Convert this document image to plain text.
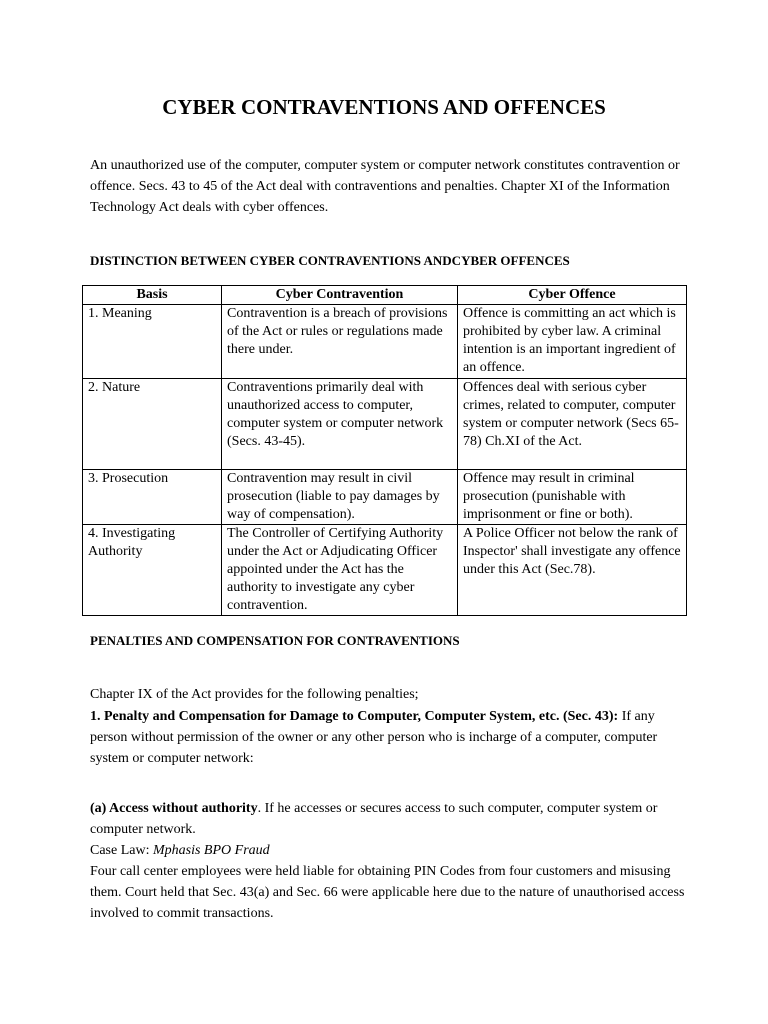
CYBER CONTRAVENTIONS AND OFFENCES

An unauthorized use of the computer, computer system or computer network constitutes contravention or offence. Secs. 43 to 45 of the Act deal with contraventions and penalties. Chapter XI of the Information Technology Act deals with cyber offences.

DISTINCTION BETWEEN CYBER CONTRAVENTIONS ANDCYBER OFFENCES

Basis	Cyber Contravention	Cyber Offence
1. Meaning	Contravention is a breach of provisions of the Act or rules or regulations made there under.	Offence is committing an act which is prohibited by cyber law. A criminal intention is an important ingredient of an offence.
2. Nature	Contraventions primarily deal with unauthorized access to computer, computer system or computer network (Secs. 43-45).	Offences deal with serious cyber crimes, related to computer, computer system or computer network (Secs 65-78) Ch.XI of the Act.
3. Prosecution	Contravention may result in civil prosecution (liable to pay damages by way of compensation).	Offence may result in criminal prosecution (punishable with imprisonment or fine or both).
4. Investigating Authority	The Controller of Certifying Authority under the Act or Adjudicating Officer appointed under the Act has the authority to investigate any cyber contravention.	A Police Officer not below the rank of Inspector' shall investigate any offence under this Act (Sec.78).

PENALTIES AND COMPENSATION FOR CONTRAVENTIONS

Chapter IX of the Act provides for the following penalties;

1. Penalty and Compensation for Damage to Computer, Computer System, etc. (Sec. 43): If any person without permission of the owner or any other person who is incharge of a computer, computer system or computer network:

(a) Access without authority. If he accesses or secures access to such computer, computer system or computer network.
Case Law: Mphasis BPO Fraud
Four call center employees were held liable for obtaining PIN Codes from four customers and misusing them. Court held that Sec. 43(a) and Sec. 66 were applicable here due to the nature of unauthorised access involved to commit transactions.
